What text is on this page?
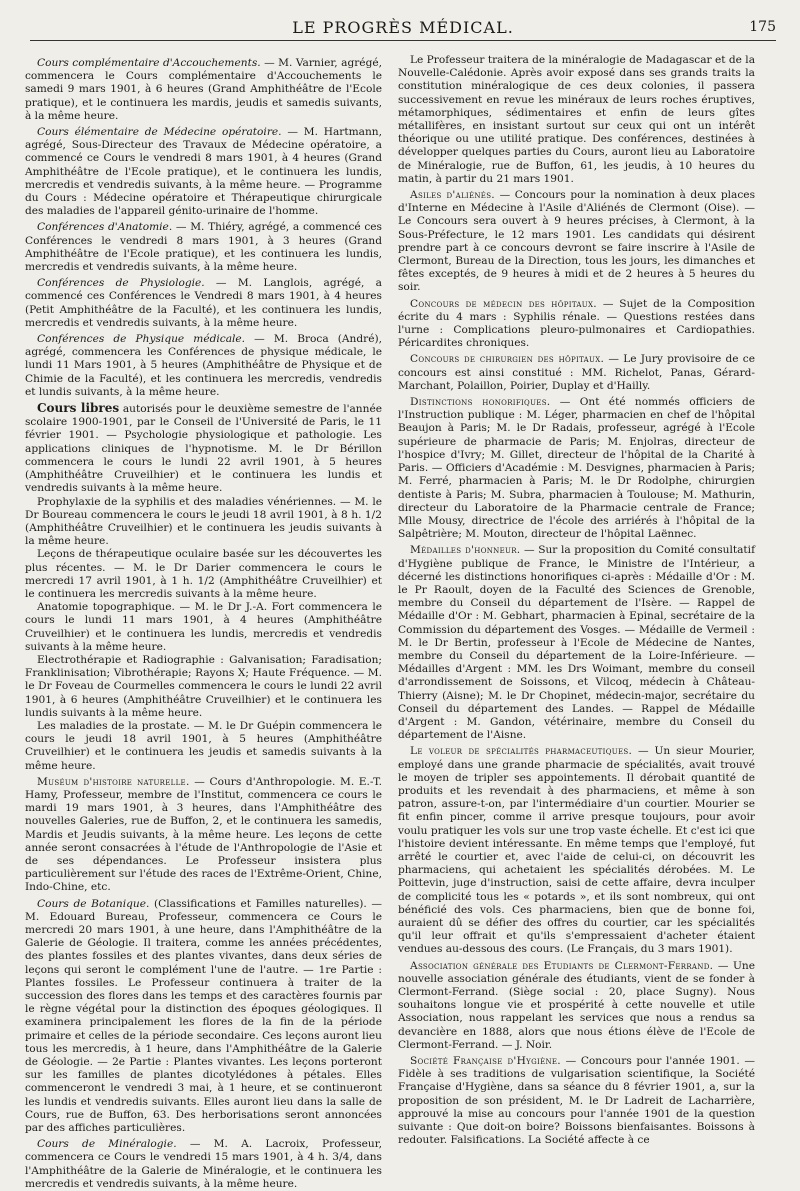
LE PROGRÈS MÉDICAL.	175

Cours complémentaire d'Accouchements. — M. Varnier, agrégé, commencera le Cours complémentaire d'Accouchements le samedi 9 mars 1901, à 6 heures (Grand Amphithéâtre de l'Ecole pratique), et le continuera les mardis, jeudis et samedis suivants, à la même heure.

Cours élémentaire de Médecine opératoire. — M. Hartmann, agrégé, Sous-Directeur des Travaux de Médecine opératoire, a commencé ce Cours le vendredi 8 mars 1901, à 4 heures (Grand Amphithéâtre de l'Ecole pratique), et le continuera les lundis, mercredis et vendredis suivants, à la même heure. — Programme du Cours : Médecine opératoire et Thérapeutique chirurgicale des maladies de l'appareil génito-urinaire de l'homme.

Conférences d'Anatomie. — M. Thiéry, agrégé, a commencé ces Conférences le vendredi 8 mars 1901, à 3 heures (Grand Amphithéâtre de l'Ecole pratique), et les continuera les lundis, mercredis et vendredis suivants, à la même heure.

Conférences de Physiologie. — M. Langlois, agrégé, a commencé ces Conférences le Vendredi 8 mars 1901, à 4 heures (Petit Amphithéâtre de la Faculté), et les continuera les lundis, mercredis et vendredis suivants, à la même heure.

Conférences de Physique médicale. — M. Broca (André), agrégé, commencera les Conférences de physique médicale, le lundi 11 Mars 1901, à 5 heures (Amphithéâtre de Physique et de Chimie de la Faculté), et les continuera les mercredis, vendredis et lundis suivants, à la même heure.

Cours libres autorisés pour le deuxième semestre de l'année scolaire 1900-1901, par le Conseil de l'Université de Paris, le 11 février 1901. — Psychologie physiologique et pathologie. Les applications cliniques de l'hypnotisme. M. le Dr Bérillon commencera le cours le lundi 22 avril 1901, à 5 heures (Amphithéâtre Cruveilhier) et le continuera les lundis et vendredis suivants à la même heure.

Prophylaxie de la syphilis et des maladies vénériennes. — M. le Dr Boureau commencera le cours le jeudi 18 avril 1901, à 8 h. 1/2 (Amphithéâtre Cruveilhier) et le continuera les jeudis suivants à la même heure.

Leçons de thérapeutique oculaire basée sur les découvertes les plus récentes. — M. le Dr Darier commencera le cours le mercredi 17 avril 1901, à 1 h. 1/2 (Amphithéâtre Cruveilhier) et le continuera les mercredis suivants à la même heure.

Anatomie topographique. — M. le Dr J.-A. Fort commencera le cours le lundi 11 mars 1901, à 4 heures (Amphithéâtre Cruveilhier) et le continuera les lundis, mercredis et vendredis suivants à la même heure.

Electrothérapie et Radiographie : Galvanisation; Faradisation; Franklinisation; Vibrothérapie; Rayons X; Haute Fréquence. — M. le Dr Foveau de Courmelles commencera le cours le lundi 22 avril 1901, à 6 heures (Amphithéâtre Cruveilhier) et le continuera les lundis suivants à la même heure.

Les maladies de la prostate. — M. le Dr Guépin commencera le cours le jeudi 18 avril 1901, à 5 heures (Amphithéâtre Cruveilhier) et le continuera les jeudis et samedis suivants à la même heure.

Muséum d'histoire naturelle. — Cours d'Anthropologie. M. E.-T. Hamy, Professeur, membre de l'Institut, commencera ce cours le mardi 19 mars 1901, à 3 heures, dans l'Amphithéâtre des nouvelles Galeries, rue de Buffon, 2, et le continuera les samedis, Mardis et Jeudis suivants, à la même heure. Les leçons de cette année seront consacrées à l'étude de l'Anthropologie de l'Asie et de ses dépendances. Le Professeur insistera plus particulièrement sur l'étude des races de l'Extrême-Orient, Chine, Indo-Chine, etc.

Cours de Botanique. (Classifications et Familles naturelles). — M. Edouard Bureau, Professeur, commencera ce Cours le mercredi 20 mars 1901, à une heure, dans l'Amphithéâtre de la Galerie de Géologie. Il traitera, comme les années précédentes, des plantes fossiles et des plantes vivantes, dans deux séries de leçons qui seront le complément l'une de l'autre. — 1re Partie : Plantes fossiles. Le Professeur continuera à traiter de la succession des flores dans les temps et des caractères fournis par le règne végétal pour la distinction des époques géologiques. Il examinera principalement les flores de la fin de la période primaire et celles de la période secondaire. Ces leçons auront lieu tous les mercredis, à 1 heure, dans l'Amphithéâtre de la Galerie de Géologie. — 2e Partie : Plantes vivantes. Les leçons porteront sur les familles de plantes dicotylédones à pétales. Elles commenceront le vendredi 3 mai, à 1 heure, et se continueront les lundis et vendredis suivants. Elles auront lieu dans la salle de Cours, rue de Buffon, 63. Des herborisations seront annoncées par des affiches particulières.

Cours de Minéralogie. — M. A. Lacroix, Professeur, commencera ce Cours le vendredi 15 mars 1901, à 4 h. 3/4, dans l'Amphithéâtre de la Galerie de Minéralogie, et le continuera les mercredis et vendredis suivants, à la même heure.

Le Professeur traitera de la minéralogie de Madagascar et de la Nouvelle-Calédonie. Après avoir exposé dans ses grands traits la constitution minéralogique de ces deux colonies, il passera successivement en revue les minéraux de leurs roches éruptives, métamorphiques, sédimentaires et enfin de leurs gîtes métallifères, en insistant surtout sur ceux qui ont un intérêt théorique ou une utilité pratique. Des conférences, destinées à développer quelques parties du Cours, auront lieu au Laboratoire de Minéralogie, rue de Buffon, 61, les jeudis, à 10 heures du matin, à partir du 21 mars 1901.

Asiles d'aliénés. — Concours pour la nomination à deux places d'Interne en Médecine à l'Asile d'Aliénés de Clermont (Oise). — Le Concours sera ouvert à 9 heures précises, à Clermont, à la Sous-Préfecture, le 12 mars 1901. Les candidats qui désirent prendre part à ce concours devront se faire inscrire à l'Asile de Clermont, Bureau de la Direction, tous les jours, les dimanches et fêtes exceptés, de 9 heures à midi et de 2 heures à 5 heures du soir.

Concours de médecin des hôpitaux. — Sujet de la Composition écrite du 4 mars : Syphilis rénale. — Questions restées dans l'urne : Complications pleuro-pulmonaires et Cardiopathies. Péricardites chroniques.

Concours de chirurgien des hôpitaux. — Le Jury provisoire de ce concours est ainsi constitué : MM. Richelot, Panas, Gérard-Marchant, Polaillon, Poirier, Duplay et d'Hailly.

Distinctions honorifiques. — Ont été nommés officiers de l'Instruction publique : M. Léger, pharmacien en chef de l'hôpital Beaujon à Paris; M. le Dr Radais, professeur, agrégé à l'Ecole supérieure de pharmacie de Paris; M. Enjolras, directeur de l'hospice d'Ivry; M. Gillet, directeur de l'hôpital de la Charité à Paris. — Officiers d'Académie : M. Desvignes, pharmacien à Paris; M. Ferré, pharmacien à Paris; M. le Dr Rodolphe, chirurgien dentiste à Paris; M. Subra, pharmacien à Toulouse; M. Mathurin, directeur du Laboratoire de la Pharmacie centrale de France; Mlle Mousy, directrice de l'école des arriérés à l'hôpital de la Salpêtrière; M. Mouton, directeur de l'hôpital Laënnec.

Médailles d'honneur. — Sur la proposition du Comité consultatif d'Hygiène publique de France, le Ministre de l'Intérieur, a décerné les distinctions honorifiques ci-après : Médaille d'Or : M. le Pr Raoult, doyen de la Faculté des Sciences de Grenoble, membre du Conseil du département de l'Isère. — Rappel de Médaille d'Or : M. Gebhart, pharmacien à Epinal, secrétaire de la Commission du département des Vosges. — Médaille de Vermeil : M. le Dr Bertin, professeur à l'Ecole de Médecine de Nantes, membre du Conseil du département de la Loire-Inférieure. — Médailles d'Argent : MM. les Drs Woimant, membre du conseil d'arrondissement de Soissons, et Vilcoq, médecin à Château-Thierry (Aisne); M. le Dr Chopinet, médecin-major, secrétaire du Conseil du département des Landes. — Rappel de Médaille d'Argent : M. Gandon, vétérinaire, membre du Conseil du département de l'Aisne.

Le voleur de spécialités pharmaceutiques. — Un sieur Mourier, employé dans une grande pharmacie de spécialités, avait trouvé le moyen de tripler ses appointements. Il dérobait quantité de produits et les revendait à des pharmaciens, et même à son patron, assure-t-on, par l'intermédiaire d'un courtier. Mourier se fit enfin pincer, comme il arrive presque toujours, pour avoir voulu pratiquer les vols sur une trop vaste échelle. Et c'est ici que l'histoire devient intéressante. En même temps que l'employé, fut arrêté le courtier et, avec l'aide de celui-ci, on découvrit les pharmaciens, qui achetaient les spécialités dérobées. M. Le Poittevin, juge d'instruction, saisi de cette affaire, devra inculper de complicité tous les « potards », et ils sont nombreux, qui ont bénéficié des vols. Ces pharmaciens, bien que de bonne foi, auraient dû se défier des offres du courtier, car les spécialités qu'il leur offrait et qu'ils s'empressaient d'acheter étaient vendues au-dessous des cours. (Le Français, du 3 mars 1901).

Association générale des Etudiants de Clermont-Ferrand. — Une nouvelle association générale des étudiants, vient de se fonder à Clermont-Ferrand. (Siège social : 20, place Sugny). Nous souhaitons longue vie et prospérité à cette nouvelle et utile Association, nous rappelant les services que nous a rendus sa devancière en 1888, alors que nous étions élève de l'Ecole de Clermont-Ferrand. — J. Noir.

Société Française d'Hygiène. — Concours pour l'année 1901. — Fidèle à ses traditions de vulgarisation scientifique, la Société Française d'Hygiène, dans sa séance du 8 février 1901, a, sur la proposition de son président, M. le Dr Ladreit de Lacharrière, approuvé la mise au concours pour l'année 1901 de la question suivante : Que doit-on boire? Boissons bienfaisantes. Boissons à redouter. Falsifications. La Société affecte à ce
